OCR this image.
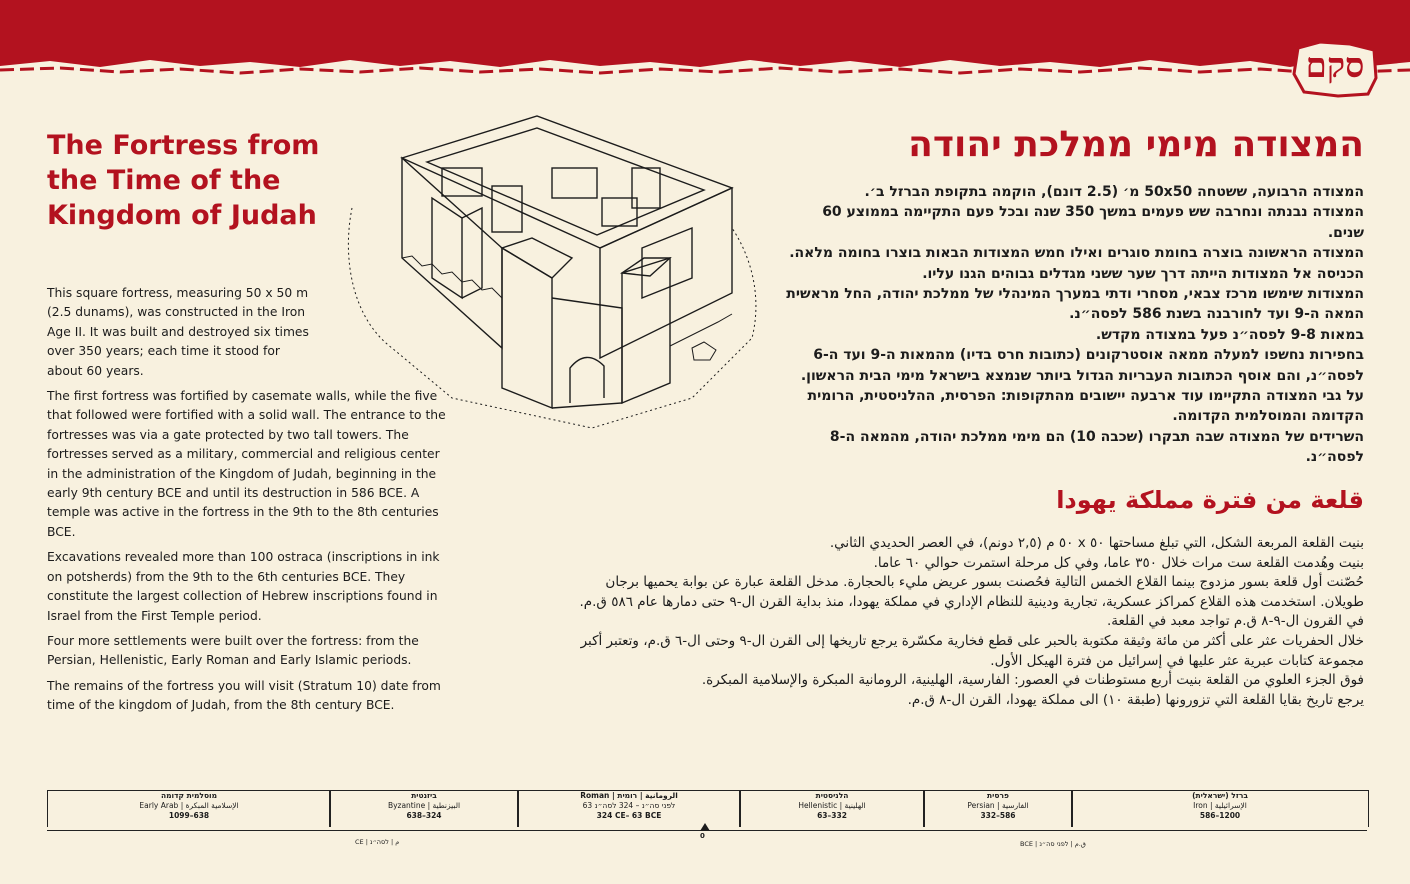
סקם
The Fortress from the Time of the Kingdom of Judah

This square fortress, measuring 50 x 50 m (2.5 dunams), was constructed in the Iron Age II. It was built and destroyed six times over 350 years; each time it stood for about 60 years.

The first fortress was fortified by casemate walls, while the five that followed were fortified with a solid wall. The entrance to the fortresses was via a gate protected by two tall towers. The fortresses served as a military, commercial and religious center in the administration of the Kingdom of Judah, beginning in the early 9th century BCE and until its destruction in 586 BCE. A temple was active in the fortress in the 9th to the 8th centuries BCE.

Excavations revealed more than 100 ostraca (inscriptions in ink on potsherds) from the 9th to the 6th centuries BCE. They constitute the largest collection of Hebrew inscriptions found in Israel from the First Temple period.

Four more settlements were built over the fortress: from the Persian, Hellenistic, Early Roman and Early Islamic periods.

The remains of the fortress you will visit (Stratum 10) date from time of the kingdom of Judah, from the 8th century BCE.

המצודה מימי ממלכת יהודה
המצודה הרבועה, ששטחה 50x50 מ׳ (2.5 דונם), הוקמה בתקופת הברזל ב׳.
המצודה נבנתה ונחרבה שש פעמים במשך 350 שנה ובכל פעם התקיימה בממוצע 60 שנים.
המצודה הראשונה בוצרה בחומת סוגרים ואילו חמש המצודות הבאות בוצרו בחומה מלאה.
הכניסה אל המצודות הייתה דרך שער ששני מגדלים גבוהים הגנו עליו.
המצודות שימשו מרכז צבאי, מסחרי ודתי במערך המינהלי של ממלכת יהודה, החל מראשית
המאה ה-9 ועד לחורבנה בשנת 586 לפסה״נ.
במאות 9-8 לפסה״נ פעל במצודה מקדש.
בחפירות נחשפו למעלה ממאה אוסטרקונים (כתובות חרס בדיו) מהמאות ה-9 ועד ה-6
לפסה״נ, והם אוסף הכתובות העבריות הגדול ביותר שנמצא בישראל מימי הבית הראשון.
על גבי המצודה התקיימו עוד ארבעה יישובים מהתקופות: הפרסית, ההלניסטית, הרומית
הקדומה והמוסלמית הקדומה.
השרידים של המצודה שבה תבקרו (שכבה 10) הם מימי ממלכת יהודה, מהמאה ה-8 לפסה״נ.
قلعة من فترة مملكة يهودا
بنيت القلعة المربعة الشكل، التي تبلغ مساحتها ٥٠ x ٥٠ م (٢,٥ دونم)، في العصر الحديدي الثاني.
بنيت وهُدمت القلعة ست مرات خلال ٣٥٠ عاما، وفي كل مرحلة استمرت حوالي ٦٠ عاما.
حُصّنت أول قلعة بسور مزدوج بينما القلاع الخمس التالية فحُصنت بسور عريض مليء بالحجارة. مدخل القلعة عبارة عن بوابة يحميها برجان
طويلان. استخدمت هذه القلاع كمراكز عسكرية، تجارية ودينية للنظام الإداري في مملكة يهودا، منذ بداية القرن ال-٩ حتى دمارها عام ٥٨٦ ق.م.
في القرون ال-٩-٨ ق.م تواجد معبد في القلعة.
خلال الحفريات عثر على أكثر من مائة وثيقة مكتوبة بالحبر على قطع فخارية مكسّرة يرجع تاريخها إلى القرن ال-٩ وحتى ال-٦ ق.م، وتعتبر أكبر
مجموعة كتابات عبرية عثر عليها في إسرائيل من فترة الهيكل الأول.
فوق الجزء العلوي من القلعة بنيت أربع مستوطنات في العصور: الفارسية، الهلينية، الرومانية المبكرة والإسلامية المبكرة.
يرجع تاريخ بقايا القلعة التي تزورونها (طبقة ١٠) الى مملكة يهودا، القرن ال-٨ ق.م.
מוסלמית קדומה
Early Arab | الإسلامية المبكرة
1099–638
ביזנטית
Byzantine | البيزنطية
638–324
Roman |	الرومانية | רומית
63 לפני סה״נ – 324 לסה״נ
324 CE– 63 BCE
הלניסטית
Hellenistic | الهلينية
63–332
פרסית
Persian | الفارسية
332–586
ברזל (ישראלית)
Iron | الإسرائيلية
586–1200
0
CE | م | לסה״נ	BCE | ق.م | לפני סה״נ
